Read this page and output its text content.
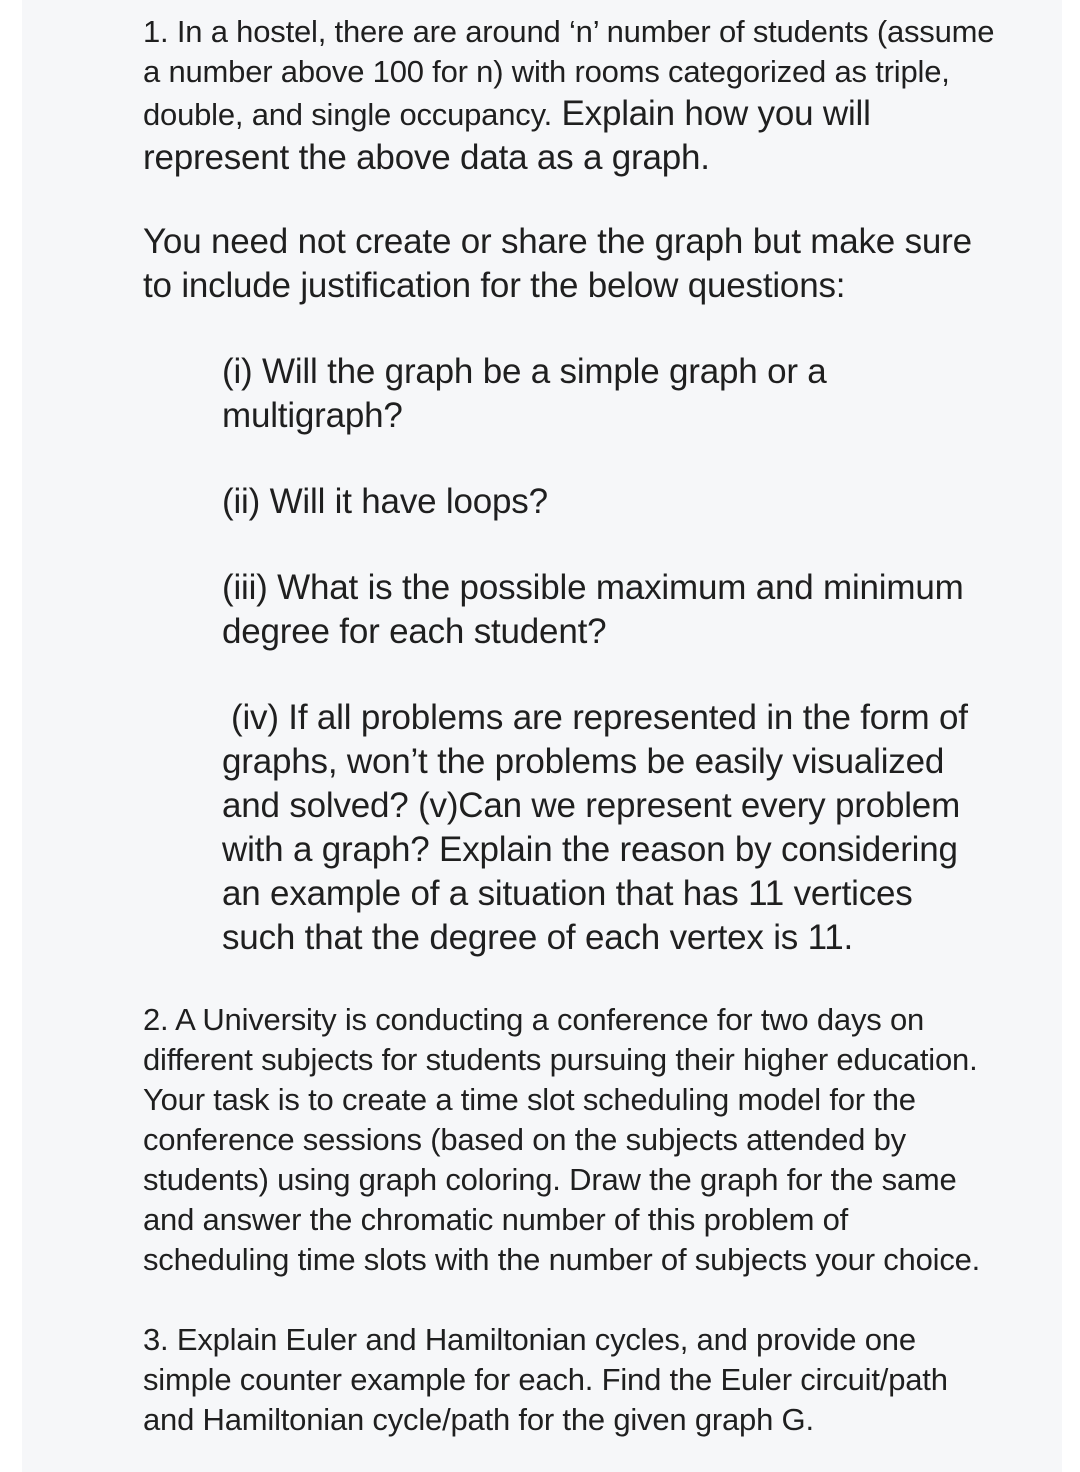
1. In a hostel, there are around ‘n’ number of students (assume

a number above 100 for n) with rooms categorized as triple,

double, and single occupancy. Explain how you will

represent the above data as a graph.

You need not create or share the graph but make sure

to include justification for the below questions:

(i) Will the graph be a simple graph or a

multigraph?

(ii) Will it have loops?

(iii) What is the possible maximum and minimum

degree for each student?

(iv) If all problems are represented in the form of

graphs, won’t the problems be easily visualized

and solved? (v)Can we represent every problem

with a graph? Explain the reason by considering

an example of a situation that has 11 vertices

such that the degree of each vertex is 11.

2. A University is conducting a conference for two days on

different subjects for students pursuing their higher education.

Your task is to create a time slot scheduling model for the

conference sessions (based on the subjects attended by

students) using graph coloring. Draw the graph for the same

and answer the chromatic number of this problem of

scheduling time slots with the number of subjects your choice.

3. Explain Euler and Hamiltonian cycles, and provide one

simple counter example for each. Find the Euler circuit/path

and Hamiltonian cycle/path for the given graph G.
